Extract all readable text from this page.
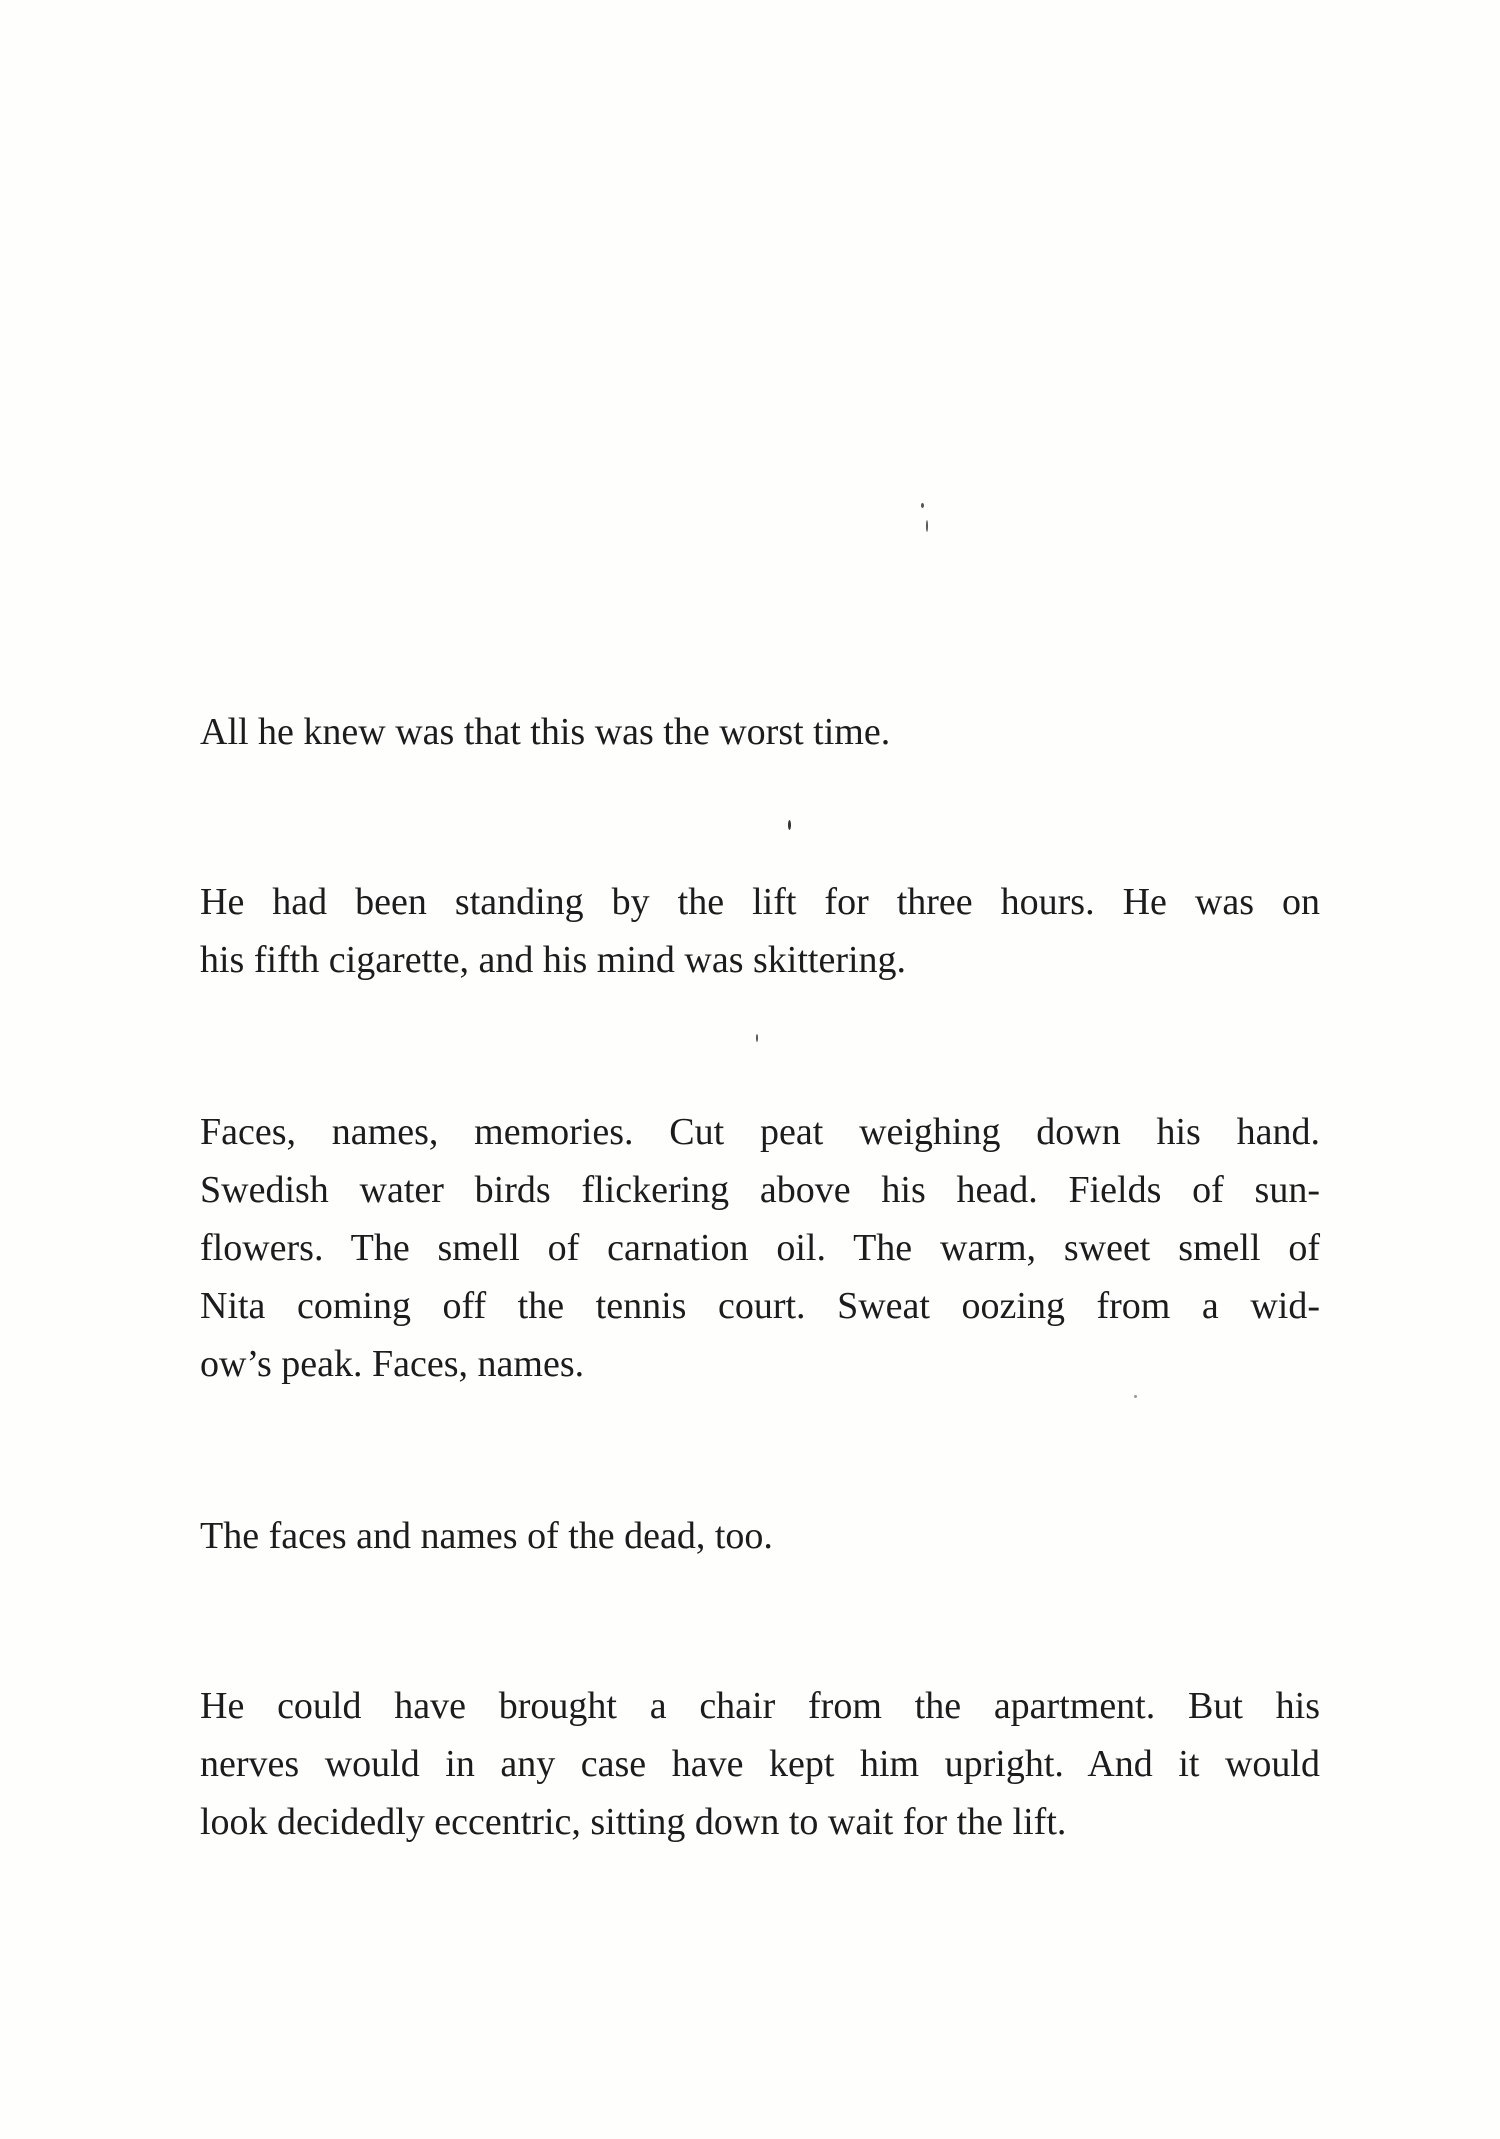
All he knew was that this was the worst time.

He had been standing by the lift for three hours. He was on
his fifth cigarette, and his mind was skittering.

Faces, names, memories. Cut peat weighing down his hand.
Swedish water birds flickering above his head. Fields of sun-
flowers. The smell of carnation oil. The warm, sweet smell of
Nita coming off the tennis court. Sweat oozing from a wid-
ow’s peak. Faces, names.

The faces and names of the dead, too.

He could have brought a chair from the apartment. But his
nerves would in any case have kept him upright. And it would
look decidedly eccentric, sitting down to wait for the lift.
